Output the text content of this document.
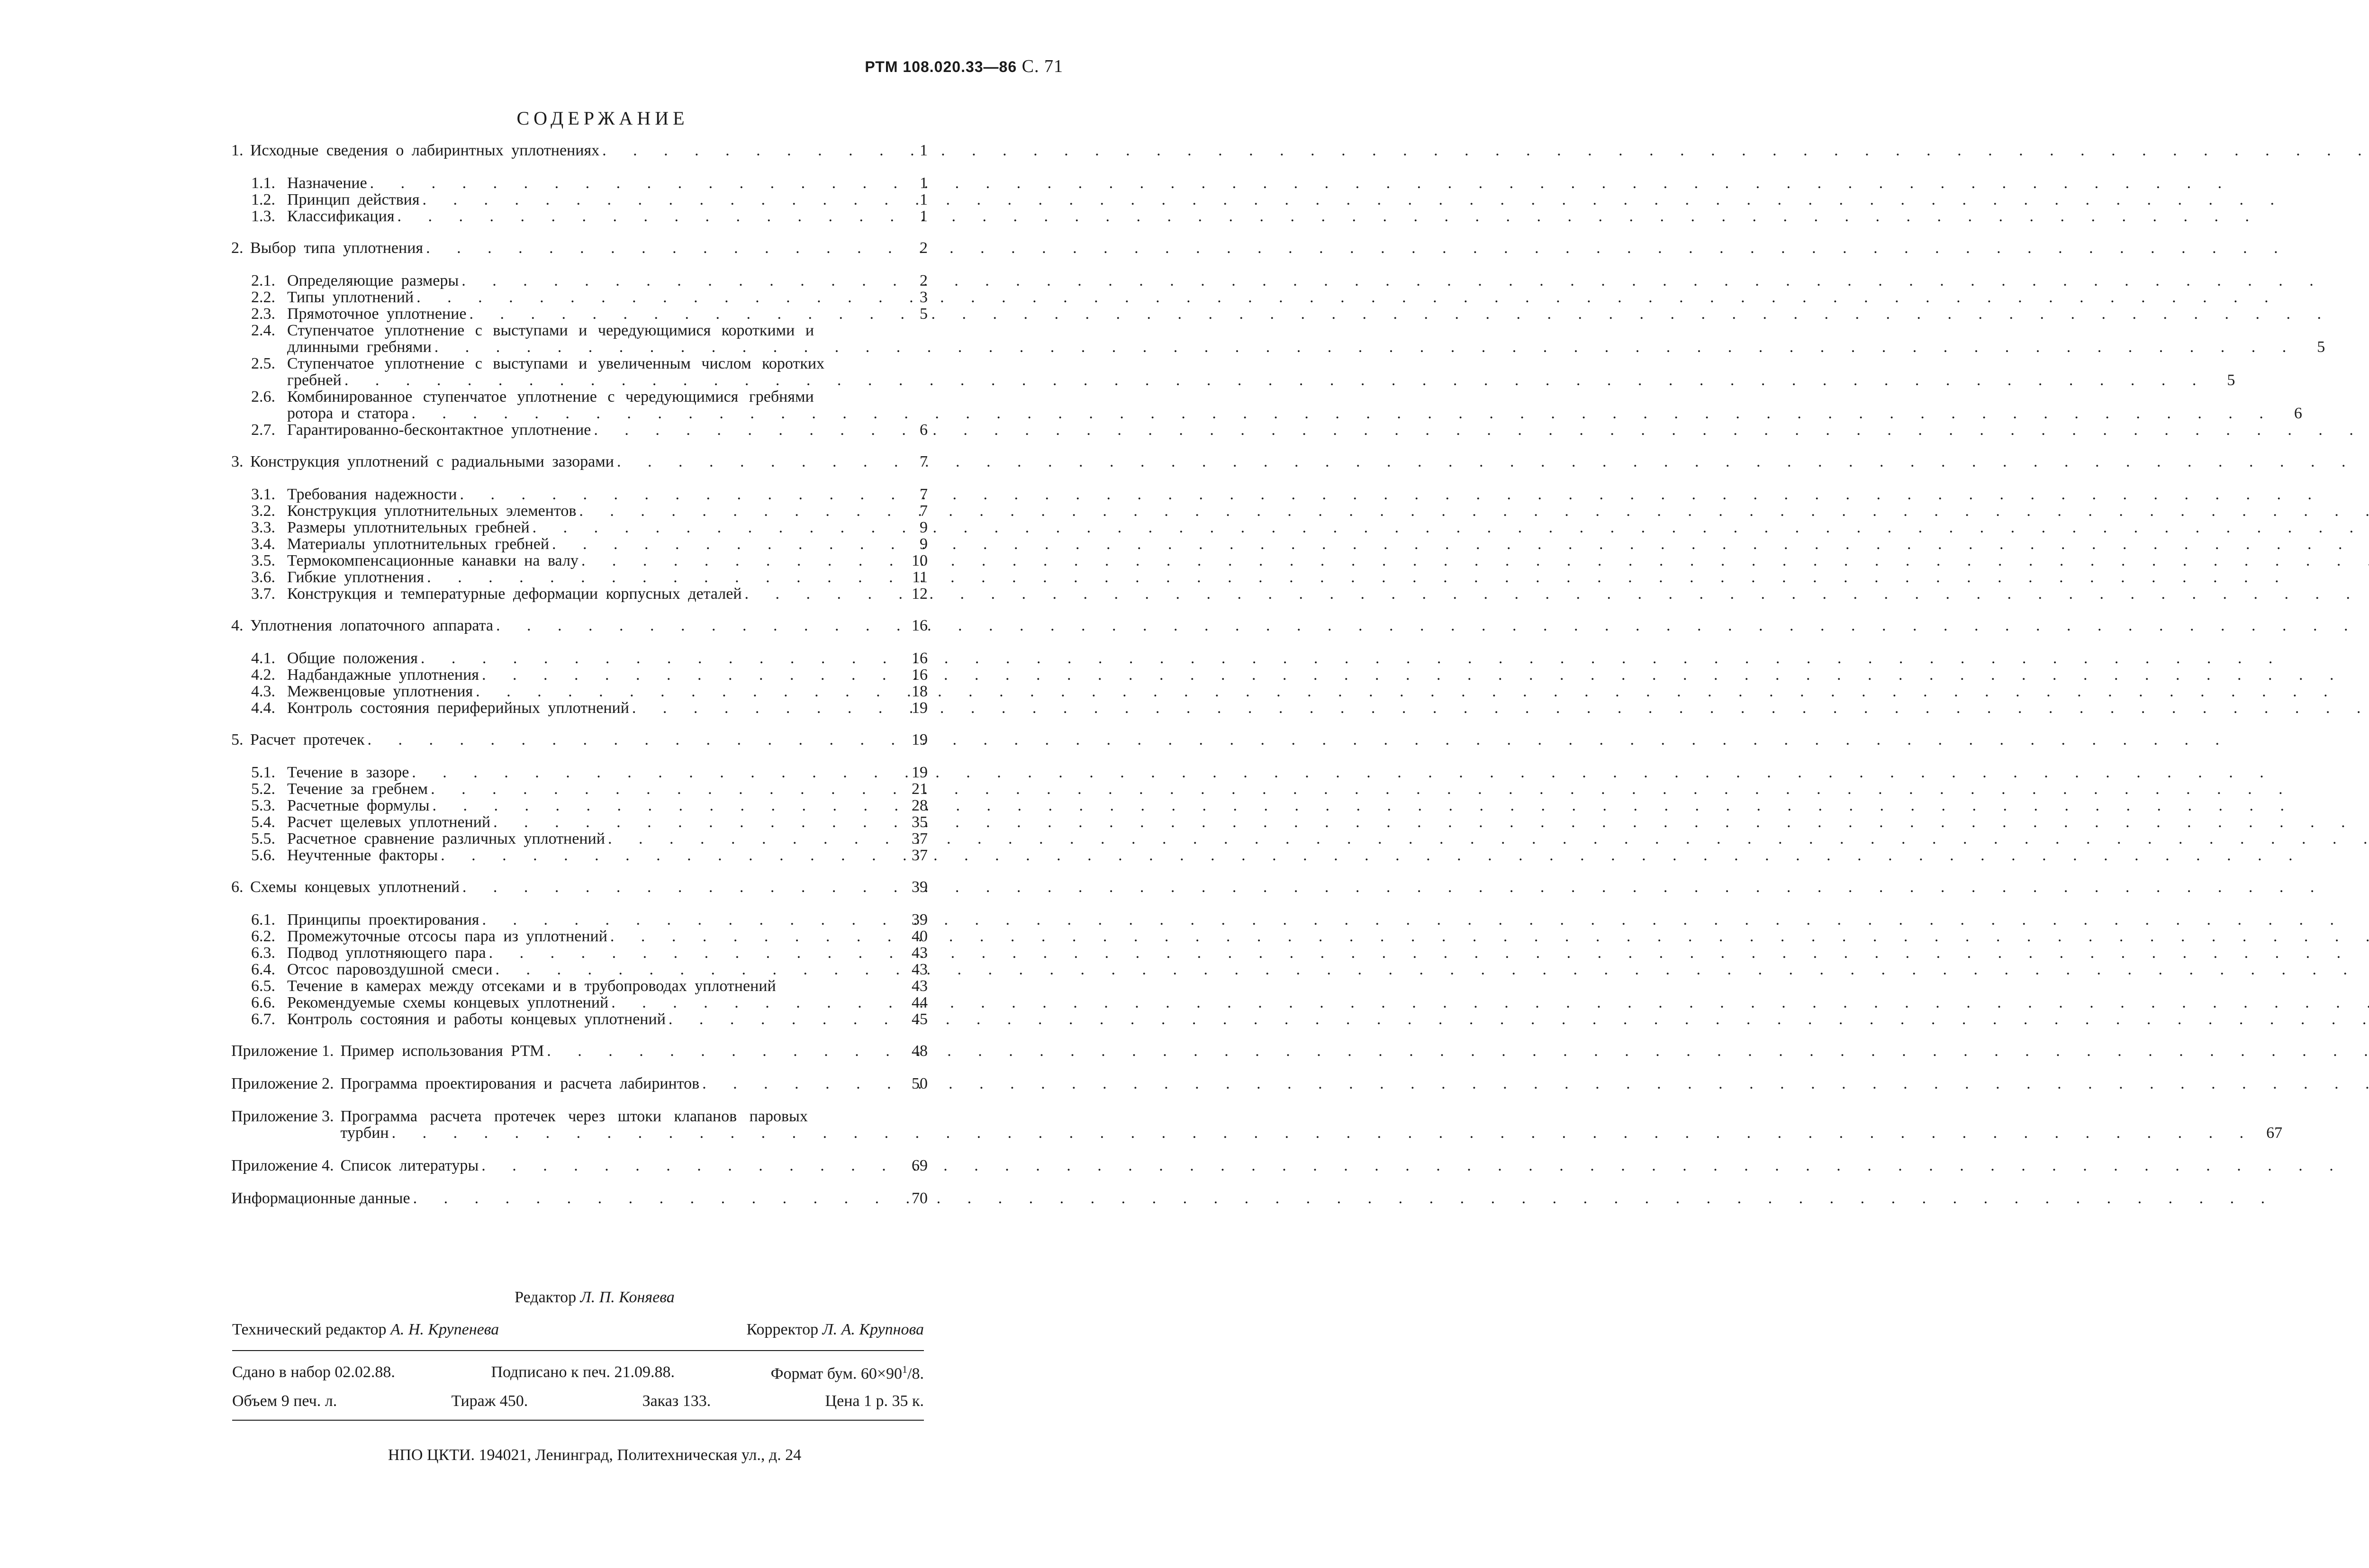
РТМ 108.020.33—86 С. 71
СОДЕРЖАНИЕ
1. Исходные сведения о лабиринтных уплотнениях . . .	1
1.1. Назначение . . .	1
1.2. Принцип действия . . .	1
1.3. Классификация . . .	1
2. Выбор типа уплотнения . . .	2
2.1. Определяющие размеры . . .	2
2.2. Типы уплотнений . . .	3
2.3. Прямоточное уплотнение . . .	5
2.4. Ступенчатое уплотнение с выступами и чередующимися короткими и
длинными гребнями . . .	5
2.5. Ступенчатое уплотнение с выступами и увеличенным числом коротких
гребней . . .	5
2.6. Комбинированное ступенчатое уплотнение с чередующимися гребнями
ротора и статора . . .	6
2.7. Гарантированно-бесконтактное уплотнение . . .	6
3. Конструкция уплотнений с радиальными зазорами . . .	7
3.1. Требования надежности . . .	7
3.2. Конструкция уплотнительных элементов . . .	7
3.3. Размеры уплотнительных гребней . . .	9
3.4. Материалы уплотнительных гребней . . .	9
3.5. Термокомпенсационные канавки на валу . . .	10
3.6. Гибкие уплотнения . . .	11
3.7. Конструкция и температурные деформации корпусных деталей . . .	12
4. Уплотнения лопаточного аппарата . . .	16
4.1. Общие положения . . .	16
4.2. Надбандажные уплотнения . . .	16
4.3. Межвенцовые уплотнения . . .	18
4.4. Контроль состояния периферийных уплотнений . . .	19
5. Расчет протечек . . .	19
5.1. Течение в зазоре . . .	19
5.2. Течение за гребнем . . .	21
5.3. Расчетные формулы . . .	28
5.4. Расчет щелевых уплотнений . . .	35
5.5. Расчетное сравнение различных уплотнений . . .	37
5.6. Неучтенные факторы . . .	37
6. Схемы концевых уплотнений . . .	39
6.1. Принципы проектирования . . .	39
6.2. Промежуточные отсосы пара из уплотнений . . .	40
6.3. Подвод уплотняющего пара . . .	43
6.4. Отсос паровоздушной смеси . . .	43
6.5. Течение в камерах между отсеками и в трубопроводах уплотнений	43
6.6. Рекомендуемые схемы концевых уплотнений . . .	44
6.7. Контроль состояния и работы концевых уплотнений . . .	45
Приложение 1. Пример использования РТМ . . .	48
Приложение 2. Программа проектирования и расчета лабиринтов . . .	50
Приложение 3. Программа расчета протечек через штоки клапанов паровых
турбин . . .	67
Приложение 4. Список литературы . . .	69
Информационные данные . . .	70
Редактор Л. П. Коняева
Технический редактор А. Н. Крупенева	Корректор Л. А. Крупнова
Сдано в набор 02.02.88.	Подписано к печ. 21.09.88.	Формат бум. $60\times 90^1/8$.
Объем 9 печ. л.	Тираж 450.	Заказ 133.	Цена 1 р. 35 к.
НПО ЦКТИ. 194021, Ленинград, Политехническая ул., д. 24
